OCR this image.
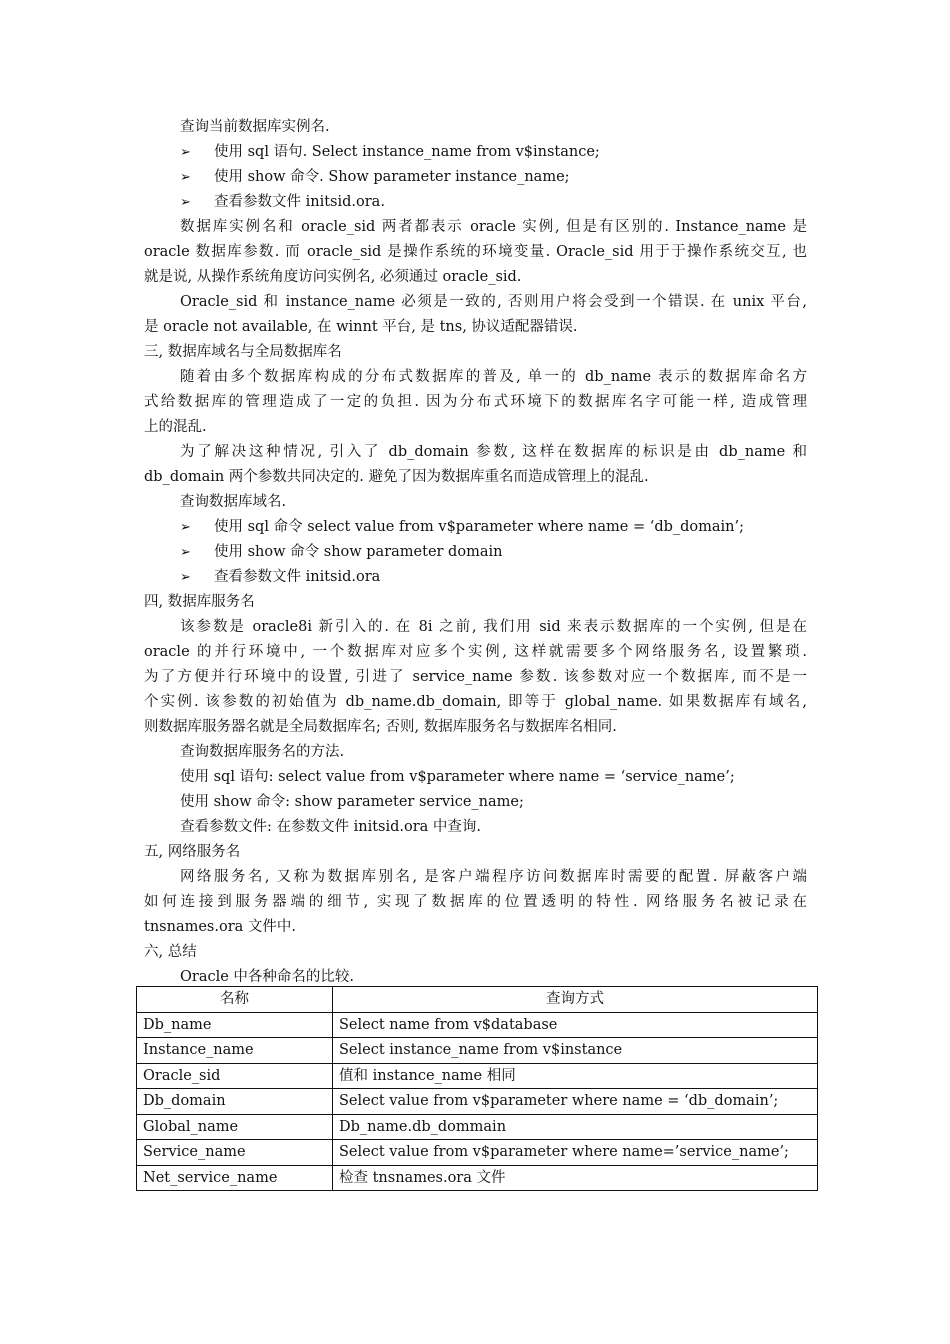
查询当前数据库实例名.
➢ 使用 sql 语句. Select instance_name from v$instance;
➢ 使用 show 命令. Show parameter instance_name;
➢ 查看参数文件 initsid.ora.
数据库实例名和 oracle_sid 两者都表示 oracle 实例, 但是有区别的. Instance_name 是
oracle 数据库参数. 而 oracle_sid 是操作系统的环境变量. Oracle_sid 用于于操作系统交互, 也
就是说, 从操作系统角度访问实例名, 必须通过 oracle_sid.
Oracle_sid 和 instance_name 必须是一致的, 否则用户将会受到一个错误. 在 unix 平台,
是 oracle not available, 在 winnt 平台, 是 tns, 协议适配器错误.
三, 数据库域名与全局数据库名
随着由多个数据库构成的分布式数据库的普及, 单一的 db_name 表示的数据库命名方
式给数据库的管理造成了一定的负担. 因为分布式环境下的数据库名字可能一样, 造成管理
上的混乱.
为了解决这种情况, 引入了 db_domain 参数, 这样在数据库的标识是由 db_name 和
db_domain 两个参数共同决定的. 避免了因为数据库重名而造成管理上的混乱.
查询数据库域名.
➢ 使用 sql 命令 select value from v$parameter where name = ‘db_domain’;
➢ 使用 show 命令 show parameter domain
➢ 查看参数文件 initsid.ora
四, 数据库服务名
该参数是 oracle8i 新引入的. 在 8i 之前, 我们用 sid 来表示数据库的一个实例, 但是在
oracle 的并行环境中, 一个数据库对应多个实例, 这样就需要多个网络服务名, 设置繁琐.
为了方便并行环境中的设置, 引进了 service_name 参数. 该参数对应一个数据库, 而不是一
个实例. 该参数的初始值为 db_name.db_domain, 即等于 global_name. 如果数据库有域名,
则数据库服务器名就是全局数据库名; 否则, 数据库服务名与数据库名相同.
查询数据库服务名的方法.
使用 sql 语句: select value from v$parameter where name = ‘service_name’;
使用 show 命令: show parameter service_name;
查看参数文件: 在参数文件 initsid.ora 中查询.
五, 网络服务名
网络服务名, 又称为数据库别名, 是客户端程序访问数据库时需要的配置. 屏蔽客户端
如何连接到服务器端的细节, 实现了数据库的位置透明的特性. 网络服务名被记录在
tnsnames.ora 文件中.
六, 总结
Oracle 中各种命名的比较.
名称	查询方式
Db_name	Select name from v$database
Instance_name	Select instance_name from v$instance
Oracle_sid	值和 instance_name 相同
Db_domain	Select value from v$parameter where name = ‘db_domain’;
Global_name	Db_name.db_dommain
Service_name	Select value from v$parameter where name=’service_name’;
Net_service_name	检查 tnsnames.ora 文件
